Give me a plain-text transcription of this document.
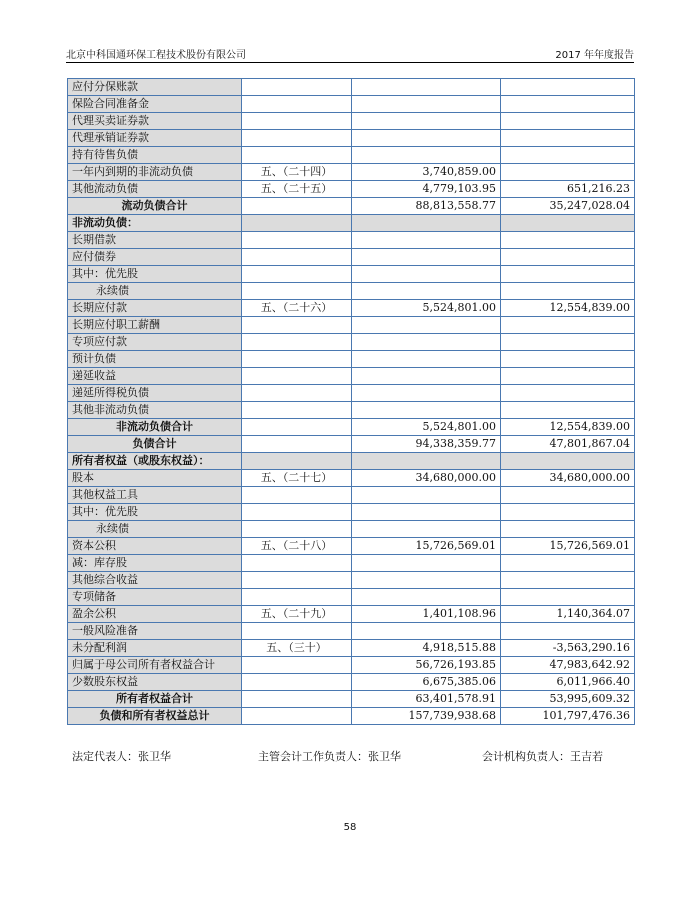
北京中科国通环保工程技术股份有限公司	2017 年年度报告
应付分保账款			
保险合同准备金			
代理买卖证券款			
代理承销证券款			
持有待售负债			
一年内到期的非流动负债	五、（二十四）	3,740,859.00	
其他流动负债	五、（二十五）	4,779,103.95	651,216.23
流动负债合计		88,813,558.77	35,247,028.04
非流动负债：			
长期借款			
应付债券			
其中：优先股			
永续债			
长期应付款	五、（二十六）	5,524,801.00	12,554,839.00
长期应付职工薪酬			
专项应付款			
预计负债			
递延收益			
递延所得税负债			
其他非流动负债			
非流动负债合计		5,524,801.00	12,554,839.00
负债合计		94,338,359.77	47,801,867.04
所有者权益（或股东权益）：			
股本	五、（二十七）	34,680,000.00	34,680,000.00
其他权益工具			
其中：优先股			
永续债			
资本公积	五、（二十八）	15,726,569.01	15,726,569.01
减：库存股			
其他综合收益			
专项储备			
盈余公积	五、（二十九）	1,401,108.96	1,140,364.07
一般风险准备			
未分配利润	五、（三十）	4,918,515.88	-3,563,290.16
归属于母公司所有者权益合计		56,726,193.85	47,983,642.92
少数股东权益		6,675,385.06	6,011,966.40
所有者权益合计		63,401,578.91	53,995,609.32
负债和所有者权益总计		157,739,938.68	101,797,476.36
法定代表人：张卫华	主管会计工作负责人：张卫华	会计机构负责人：王吉若
58
